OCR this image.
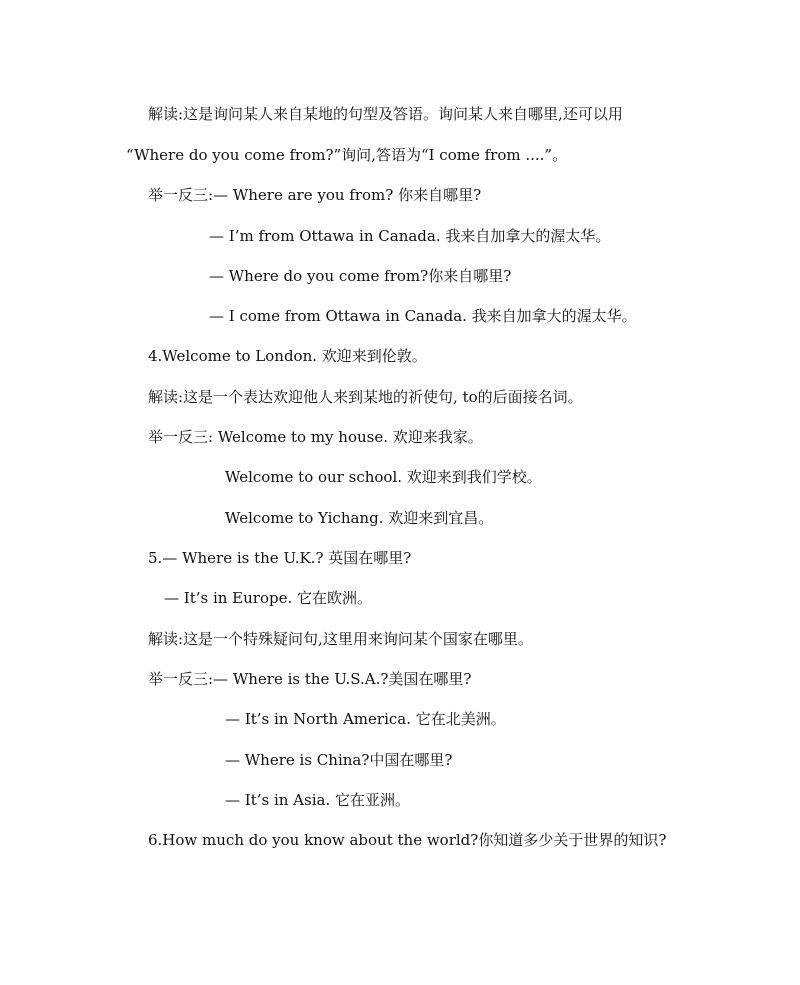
解读:这是询问某人来自某地的句型及答语。询问某人来自哪里,还可以用
“Where do you come from?”询问,答语为“I come from ....”。
举一反三:— Where are you from? 你来自哪里?
— I’m from Ottawa in Canada. 我来自加拿大的渥太华。
— Where do you come from?你来自哪里?
— I come from Ottawa in Canada. 我来自加拿大的渥太华。
4.Welcome to London. 欢迎来到伦敦。
解读:这是一个表达欢迎他人来到某地的祈使句, to的后面接名词。
举一反三: Welcome to my house. 欢迎来我家。
Welcome to our school. 欢迎来到我们学校。
Welcome to Yichang. 欢迎来到宜昌。
5.— Where is the U.K.? 英国在哪里?
— It’s in Europe. 它在欧洲。
解读:这是一个特殊疑问句,这里用来询问某个国家在哪里。
举一反三:— Where is the U.S.A.?美国在哪里?
— It’s in North America. 它在北美洲。
— Where is China?中国在哪里?
— It’s in Asia. 它在亚洲。
6.How much do you know about the world?你知道多少关于世界的知识?
